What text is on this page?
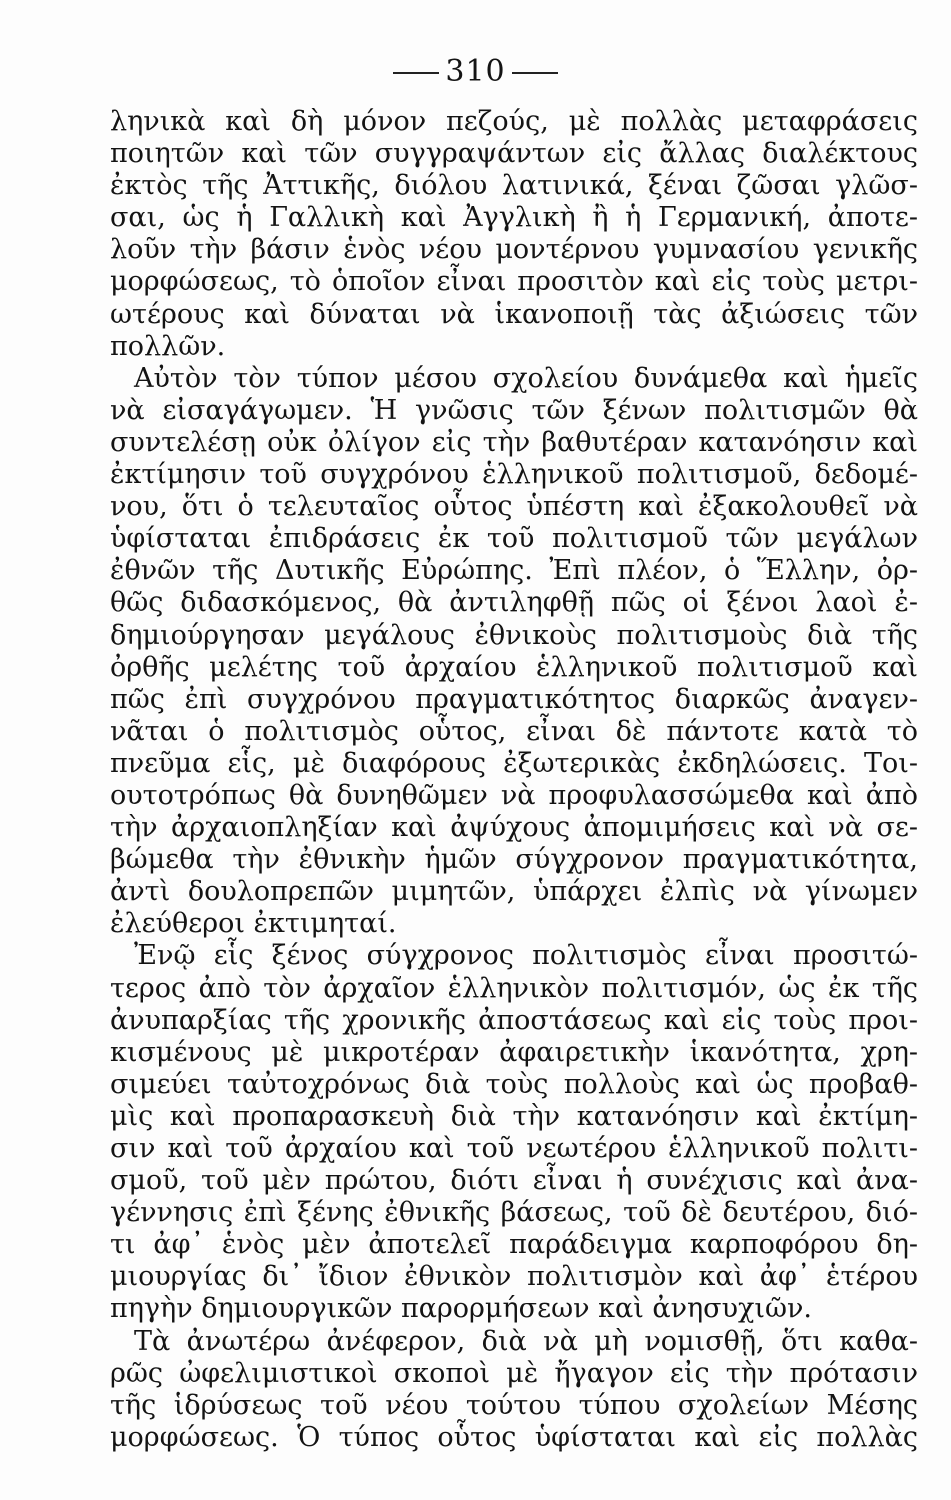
310
ληνικὰ καὶ δὴ μόνον πεζούς, μὲ πολλὰς μεταφράσεις
ποιητῶν καὶ τῶν συγγραψάντων εἰς ἄλλας διαλέκτους
ἐκτὸς τῆς Ἀττικῆς, διόλου λατινικά, ξέναι ζῶσαι γλῶσ-
σαι, ὡς ἡ Γαλλικὴ καὶ Ἀγγλικὴ ἢ ἡ Γερμανική, ἀποτε-
λοῦν τὴν βάσιν ἑνὸς νέου μοντέρνου γυμνασίου γενικῆς
μορφώσεως, τὸ ὁποῖον εἶναι προσιτὸν καὶ εἰς τοὺς μετρι-
ωτέρους καὶ δύναται νὰ ἱκανοποιῇ τὰς ἀξιώσεις τῶν
πολλῶν.
Αὐτὸν τὸν τύπον μέσου σχολείου δυνάμεθα καὶ ἡμεῖς
νὰ εἰσαγάγωμεν. Ἡ γνῶσις τῶν ξένων πολιτισμῶν θὰ
συντελέσῃ οὐκ ὀλίγον εἰς τὴν βαθυτέραν κατανόησιν καὶ
ἐκτίμησιν τοῦ συγχρόνου ἑλληνικοῦ πολιτισμοῦ, δεδομέ-
νου, ὅτι ὁ τελευταῖος οὗτος ὑπέστη καὶ ἐξακολουθεῖ νὰ
ὑφίσταται ἐπιδράσεις ἐκ τοῦ πολιτισμοῦ τῶν μεγάλων
ἐθνῶν τῆς Δυτικῆς Εὐρώπης. Ἐπὶ πλέον, ὁ Ἕλλην, ὀρ-
θῶς διδασκόμενος, θὰ ἀντιληφθῇ πῶς οἱ ξένοι λαοὶ ἐ-
δημιούργησαν μεγάλους ἐθνικοὺς πολιτισμοὺς διὰ τῆς
ὀρθῆς μελέτης τοῦ ἀρχαίου ἑλληνικοῦ πολιτισμοῦ καὶ
πῶς ἐπὶ συγχρόνου πραγματικότητος διαρκῶς ἀναγεν-
νᾶται ὁ πολιτισμὸς οὗτος, εἶναι δὲ πάντοτε κατὰ τὸ
πνεῦμα εἷς, μὲ διαφόρους ἐξωτερικὰς ἐκδηλώσεις. Τοι-
ουτοτρόπως θὰ δυνηθῶμεν νὰ προφυλασσώμεθα καὶ ἀπὸ
τὴν ἀρχαιοπληξίαν καὶ ἀψύχους ἀπομιμήσεις καὶ νὰ σε-
βώμεθα τὴν ἐθνικὴν ἡμῶν σύγχρονον πραγματικότητα,
ἀντὶ δουλοπρεπῶν μιμητῶν, ὑπάρχει ἐλπὶς νὰ γίνωμεν
ἐλεύθεροι ἐκτιμηταί.
Ἐνῷ εἷς ξένος σύγχρονος πολιτισμὸς εἶναι προσιτώ-
τερος ἀπὸ τὸν ἀρχαῖον ἑλληνικὸν πολιτισμόν, ὡς ἐκ τῆς
ἀνυπαρξίας τῆς χρονικῆς ἀποστάσεως καὶ εἰς τοὺς προι-
κισμένους μὲ μικροτέραν ἀφαιρετικὴν ἱκανότητα, χρη-
σιμεύει ταὐτοχρόνως διὰ τοὺς πολλοὺς καὶ ὡς προβαθ-
μὶς καὶ προπαρασκευὴ διὰ τὴν κατανόησιν καὶ ἐκτίμη-
σιν καὶ τοῦ ἀρχαίου καὶ τοῦ νεωτέρου ἑλληνικοῦ πολιτι-
σμοῦ, τοῦ μὲν πρώτου, διότι εἶναι ἡ συνέχισις καὶ ἀνα-
γέννησις ἐπὶ ξένης ἐθνικῆς βάσεως, τοῦ δὲ δευτέρου, διό-
τι ἀφ᾽ ἑνὸς μὲν ἀποτελεῖ παράδειγμα καρποφόρου δη-
μιουργίας δι᾽ ἴδιον ἐθνικὸν πολιτισμὸν καὶ ἀφ᾽ ἑτέρου
πηγὴν δημιουργικῶν παρορμήσεων καὶ ἀνησυχιῶν.
Τὰ ἀνωτέρω ἀνέφερον, διὰ νὰ μὴ νομισθῇ, ὅτι καθα-
ρῶς ὠφελιμιστικοὶ σκοποὶ μὲ ἤγαγον εἰς τὴν πρότασιν
τῆς ἱδρύσεως τοῦ νέου τούτου τύπου σχολείων Μέσης
μορφώσεως. Ὁ τύπος οὗτος ὑφίσταται καὶ εἰς πολλὰς
